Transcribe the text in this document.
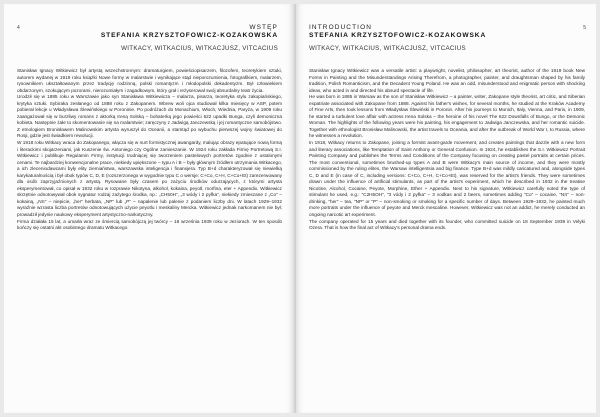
4	WSTĘP
STEFANIA KRZYSZTOFOWICZ-KOZAKOWSKA
WITKACY, WITKACIUS, WITKACJUSZ, VITCACIUS

Stanisław Ignacy Witkiewicz był artystą wszechstronnym: dramaturgiem, powieściopisarzem, filozofem, teoretykiem sztuki, autorem wydanej w 1919 roku książki Nowe formy w malarstwie i wynikające stąd nieporozumienia, fotografikiem, malarzem, rysownikiem ukształtowanym przez tradycję rodzinną, polski romantyzm i młodopolski dekadentyzm. Był człowiekiem obdarzonym, szokującym pozorami, nierozumiałym i zagadkowym, który grał i reżyserował swój absurdalny teatr życia.

Urodził się w 1885 roku w Warszawie jako syn Stanisława Witkiewicza – malarza, pisarza, teoretyka stylu zakopiańskiego, krytyka sztuki. Sybiraka zesłanego od 1888 roku z Zakopanem. Wbrew woli ojca studiował kilka miesięcy w ASP, potem pobierał lekcje u Władysława Ślewińskiego w Poroninie. Po podróżach do Monachium, Włoch, Wiednia, Paryża, w 1909 roku zaangażował się w burzliwy romans z aktorką Ireną Solską – bohaterką jego powieści 622 upadki Bunga, czyli demoniczna kobieta. Następnie żałe to skomentowanie się na malarstwie; zaręczyny z Jadwigą Janczewską i jej romantyczne samobójstwo. Z etnologiem Bronisławem Malinowskim artysta wyruszył do Oceanii, a stamtąd po wybuchu pierwszej wojny światowej do Rosji, gdzie jest świadkiem rewolucji.

W 1918 roku Witkacy wraca do Zakopanego, włącza się w nurt formistycznej awangardy, malując obrazy epatujące nową formą i literackimi skojarzeniami, jak Kuszenie św. Antoniego czy Ogólne zamieszanie. W 1924 roku zakłada Firmę Portretową S.I. Witkiewicz i publikuje Regulamin Firmy, instytucji trudniącej się tworzeniem pastelowych portretów zgodnie z ustalonymi cenami. Te najbardziej konwencjonalne prace, niekiedy upiększone – typu A i B – były głównym źródłem utrzymania Witkacego, a ich zleceniodawcami były elity ziemiaństwa, warszawska inteligencja i finansjera. Typ B+d charakteryzował się niewielką karykaturalnością i był obok typów C, D, E (rozszerzonego w wygodnie typu C o wersje: C+Co, C+H, C+Co+Et) zarezerwowany dla osób zaprzyjaźnionych z artystą. Rysowane były czasem po zażyciu środków odurzających, z którymi artysta eksperymentował, co opisał w 1932 roku w rozprawie Nikotyna, alkohol, kokaina, peyotl, morfina, eter + Appendix. Witkiewicz skrzętnie odnotowywał obok sygnatur rodzaj zażytego środka, np.: „CH50H”, „3 wódy i 2 pyfka”, niekiedy zmieszane z „Co” – kokainą, „Nπ” – niepicie, „her” herbata, „NP” lub „P” – napalenie lub palenie z podaniem liczby dni. W latach 1929–1932 wyraźnie wzrasta liczba portretów odnotowujących użycie peyotlu i meskaliny Mercka. Witkiewicz jednak narkomanem nie był; prowadził jedynie naukowy eksperyment artystyczno-narkotyczny.

Firma działała 15 lat, a umarła wraz ze śmiercią samobójczą jej twórcy – 18 września 1939 roku w Jeziorach. W ten sposób kończy się ostatni akt osobistego dramatu Witkacego.

5
INTRODUCTION
STEFANIA KRZYSZTOFOWICZ-KOZAKOWSKA
WITKACY, WITKACIUS, WITKACJUSZ, VITCACIUS

Stanisław Ignacy Witkiewicz was a versatile artist: a playwright, novelist, philosopher, art theorist, author of the 1919 book New Forms in Painting and the Misunderstandings Arising Therefrom, a photographer, painter, and draughtsman shaped by his family tradition, Polish Romanticism, and the Decadent Young Poland. He was an odd, misunderstood and enigmatic person with shocking ideas, who acted in and directed his absurd spectacle of life.

He was born in 1885 in Warsaw as the son of Stanisław Witkiewicz – a painter, writer, Zakopane style theorist, art critic, and Siberian expatriate associated with Zakopane from 1888. Against his father's wishes, for several months, he studied at the Kraków Academy of Fine Arts, then took lessons from Władysław Ślewiński in Poronin. After his journeys to Munich, Italy, Vienna, and Paris, in 1909, he started a turbulent love affair with actress Irena Solska – the heroine of his novel The 622 Downfalls of Bungo, or the Demonic Woman. The highlights of the following years were his painting, his engagement to Jadwiga Janczewska, and her romantic suicide. Together with ethnologist Bronisław Malinowski, the artist travels to Oceania, and after the outbreak of World War I, to Russia, where he witnesses a revolution.

In 1918, Witkacy returns to Zakopane, joining a formist avant-garde movement, and creates paintings that dazzle with a new form and literary associations, like Temptation of Saint Anthony or General Confusion. In 1924, he establishes the S.I. Witkiewicz Portrait Painting Company and publishes the Terms and Conditions of the Company focusing on creating pastel portraits at certain prices. The most conventional, sometimes brushed-up types A and B were Witkacy's main source of income, and they were mostly commissioned by the ruling elites, the Warsaw intelligentsia and big finance. Type B+d was mildly caricatured and, alongside types C, D and E (in case of C, including versions: C+Co, C+H, C+Co+Et), was reserved for the artist's friends. They were sometimes drawn under the influence of artificial stimulants, as part of the artist's experiment, which he described in 1932 in the treatise Nicotine, Alcohol, Cocaine, Peyote, Morphine, Ether + Appendix. Next to his signature, Witkiewicz carefully noted the type of stimulant he used, e.g.: “C2H5OH”, “3 vódy i 2 pyfka” – 3 vodkas and 2 beers, sometimes adding “Co” – cocaine, “Nπ” – non-drinking, “her” – tea, “NP” or “P” – non-smoking or smoking for a specific number of days. Between 1929–1932, he painted much more portraits under the influence of peyote and Merck mescaline. However, Witkiewicz was not an addict, he merely conducted an ongoing narcotic art experiment.

The company operated for 15 years and died together with its founder, who committed suicide on 18 September 1939 in Velyki Ozera. That is how the final act of Witkacy's personal drama ends.
